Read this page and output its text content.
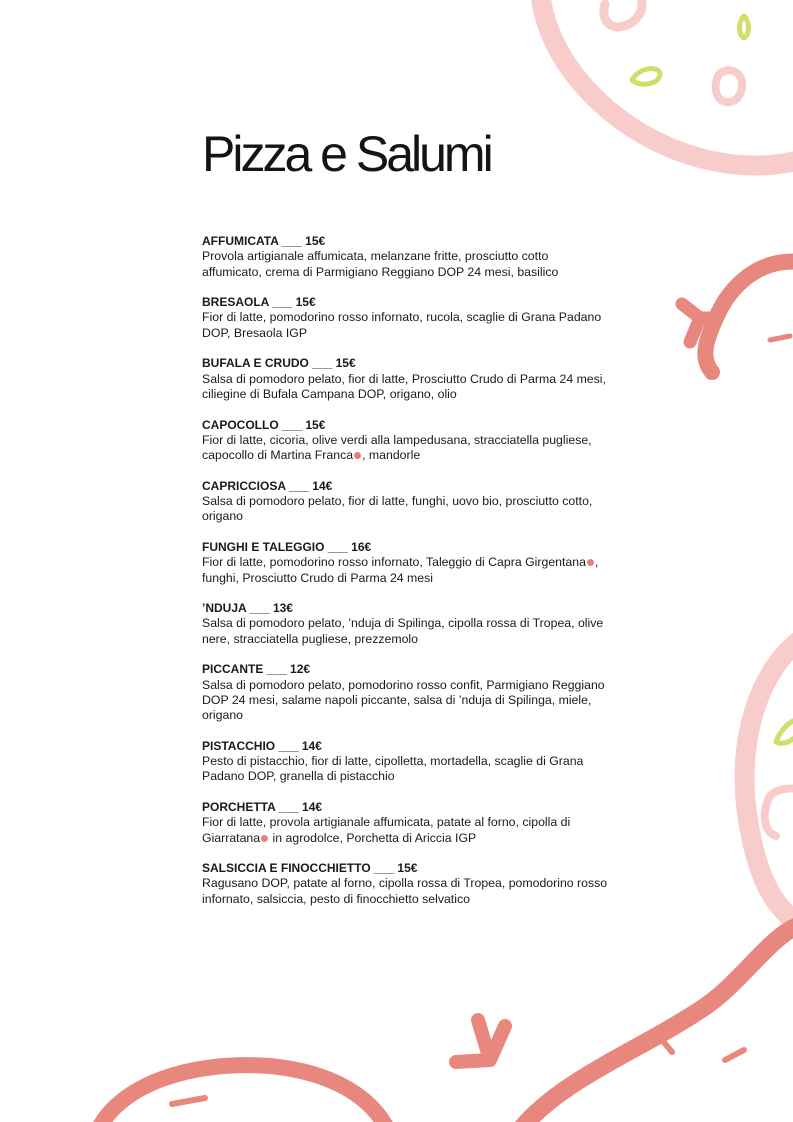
Pizza e Salumi
AFFUMICATA ___ 15€
Provola artigianale affumicata, melanzane fritte, prosciutto cotto
affumicato, crema di Parmigiano Reggiano DOP 24 mesi, basilico
BRESAOLA ___ 15€
Fior di latte, pomodorino rosso infornato, rucola, scaglie di Grana Padano
DOP, Bresaola IGP
BUFALA E CRUDO ___ 15€
Salsa di pomodoro pelato, fior di latte, Prosciutto Crudo di Parma 24 mesi,
ciliegine di Bufala Campana DOP, origano, olio
CAPOCOLLO ___ 15€
Fior di latte, cicoria, olive verdi alla lampedusana, stracciatella pugliese,
capocollo di Martina Franca , mandorle
CAPRICCIOSA ___ 14€
Salsa di pomodoro pelato, fior di latte, funghi, uovo bio, prosciutto cotto,
origano
FUNGHI E TALEGGIO ___ 16€
Fior di latte, pomodorino rosso infornato, Taleggio di Capra Girgentana ,
funghi, Prosciutto Crudo di Parma 24 mesi
’NDUJA ___ 13€
Salsa di pomodoro pelato, ’nduja di Spilinga, cipolla rossa di Tropea, olive
nere, stracciatella pugliese, prezzemolo
PICCANTE ___ 12€
Salsa di pomodoro pelato, pomodorino rosso confit, Parmigiano Reggiano
DOP 24 mesi, salame napoli piccante, salsa di ’nduja di Spilinga, miele,
origano
PISTACCHIO ___ 14€
Pesto di pistacchio, fior di latte, cipolletta, mortadella, scaglie di Grana
Padano DOP, granella di pistacchio
PORCHETTA ___ 14€
Fior di latte, provola artigianale affumicata, patate al forno, cipolla di
Giarratana in agrodolce, Porchetta di Ariccia IGP
SALSICCIA E FINOCCHIETTO ___ 15€
Ragusano DOP, patate al forno, cipolla rossa di Tropea, pomodorino rosso
infornato, salsiccia, pesto di finocchietto selvatico
